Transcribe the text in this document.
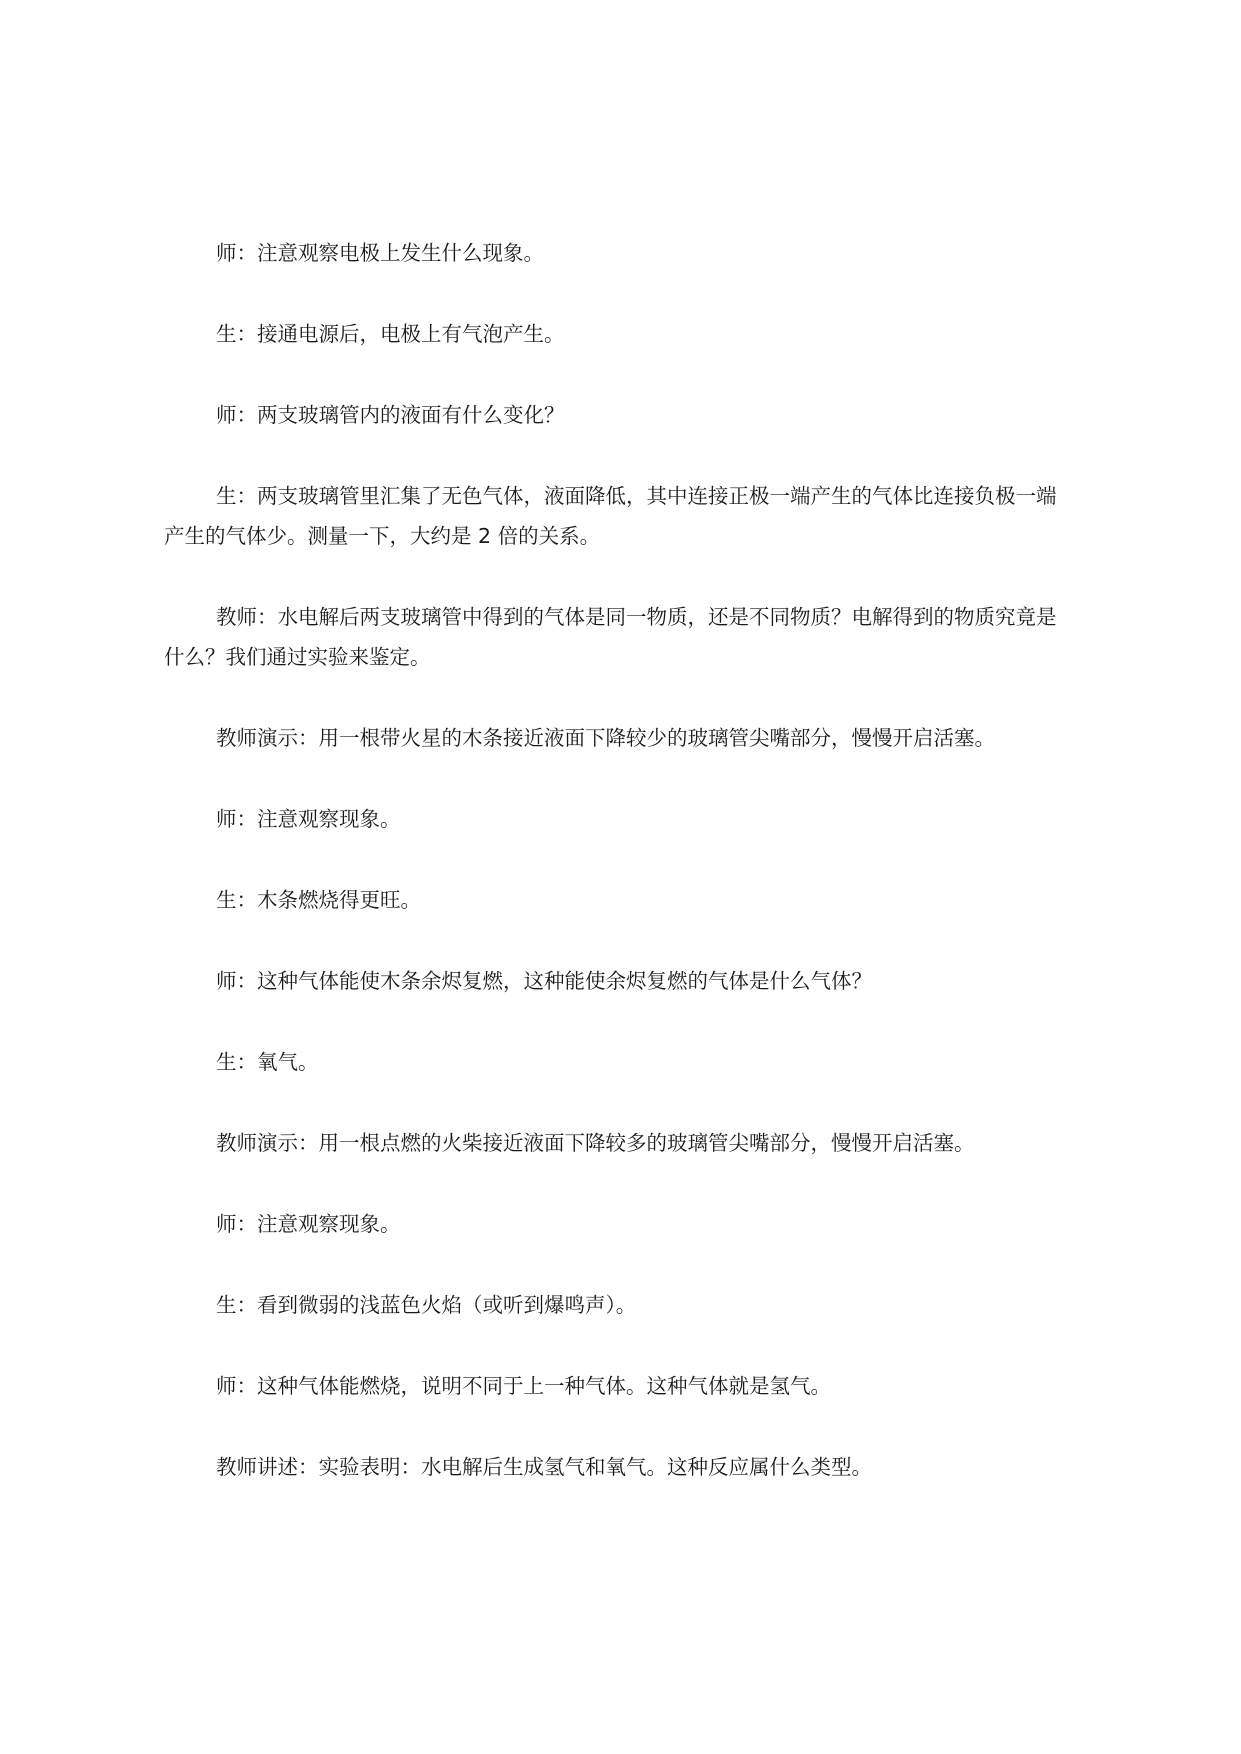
师：注意观察电极上发生什么现象。

生：接通电源后，电极上有气泡产生。

师：两支玻璃管内的液面有什么变化？

生：两支玻璃管里汇集了无色气体，液面降低，其中连接正极一端产生的气体比连接负极一端产生的气体少。测量一下，大约是 2 倍的关系。

教师：水电解后两支玻璃管中得到的气体是同一物质，还是不同物质？电解得到的物质究竟是什么？我们通过实验来鉴定。

教师演示：用一根带火星的木条接近液面下降较少的玻璃管尖嘴部分，慢慢开启活塞。

师：注意观察现象。

生：木条燃烧得更旺。

师：这种气体能使木条余烬复燃，这种能使余烬复燃的气体是什么气体？

生：氧气。

教师演示：用一根点燃的火柴接近液面下降较多的玻璃管尖嘴部分，慢慢开启活塞。

师：注意观察现象。

生：看到微弱的浅蓝色火焰（或听到爆鸣声）。

师：这种气体能燃烧，说明不同于上一种气体。这种气体就是氢气。

教师讲述：实验表明：水电解后生成氢气和氧气。这种反应属什么类型。
